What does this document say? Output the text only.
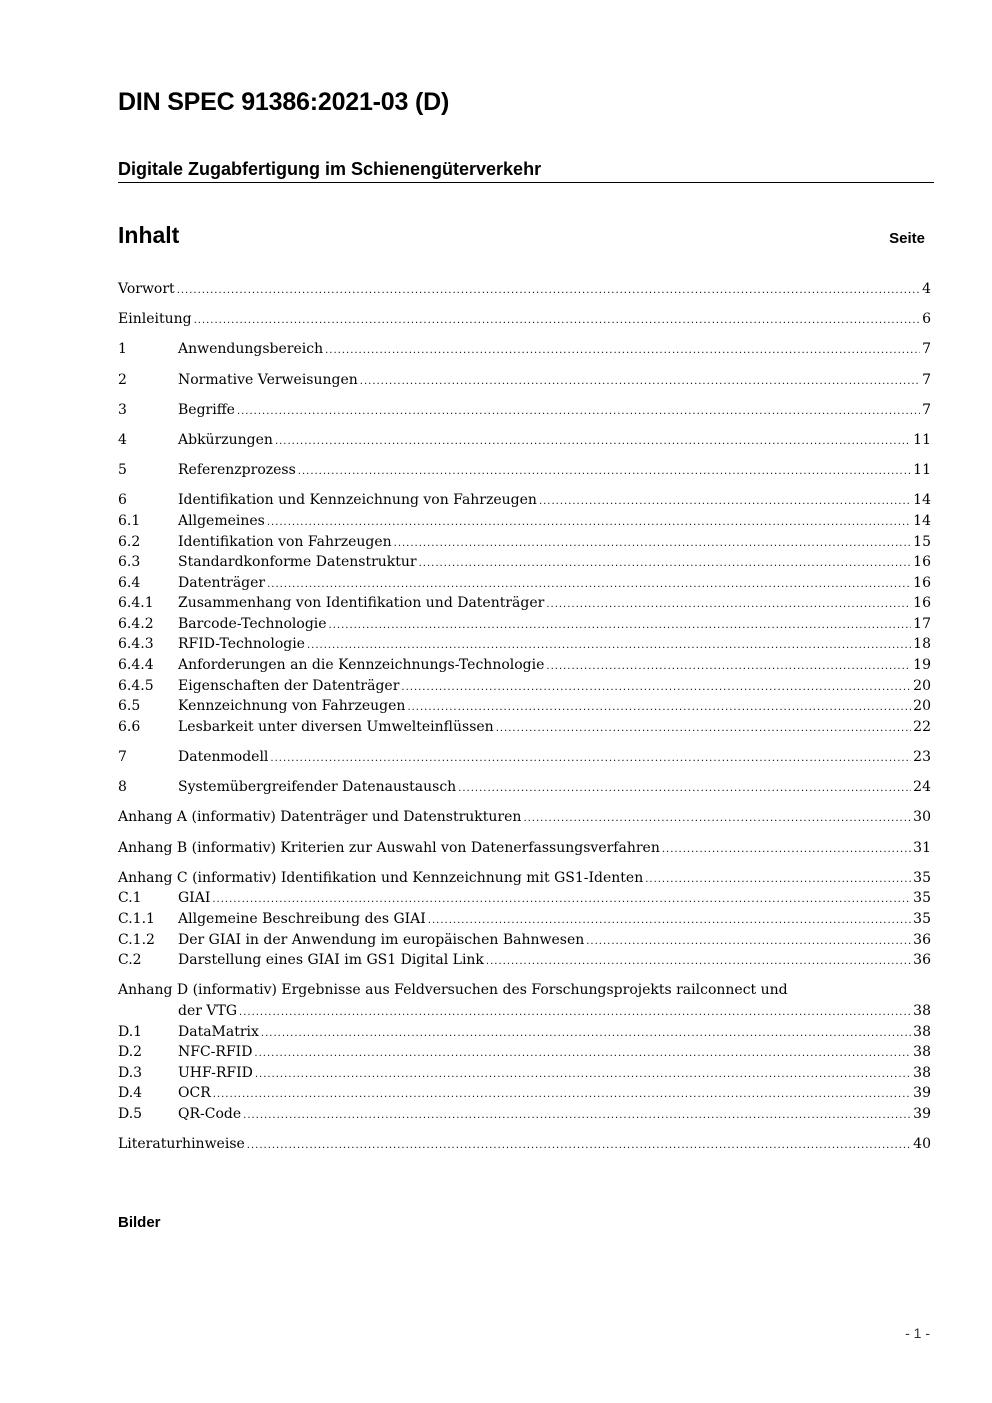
DIN SPEC 91386:2021-03 (D)
Digitale Zugabfertigung im Schienengüterverkehr
Inhalt	Seite
Vorwort .....	4
Einleitung .....	6
1	Anwendungsbereich .....	7
2	Normative Verweisungen .....	7
3	Begriffe .....	7
4	Abkürzungen .....	11
5	Referenzprozess .....	11
6	Identifikation und Kennzeichnung von Fahrzeugen .....	14
6.1	Allgemeines .....	14
6.2	Identifikation von Fahrzeugen .....	15
6.3	Standardkonforme Datenstruktur .....	16
6.4	Datenträger .....	16
6.4.1	Zusammenhang von Identifikation und Datenträger .....	16
6.4.2	Barcode-Technologie .....	17
6.4.3	RFID-Technologie .....	18
6.4.4	Anforderungen an die Kennzeichnungs-Technologie .....	19
6.4.5	Eigenschaften der Datenträger .....	20
6.5	Kennzeichnung von Fahrzeugen .....	20
6.6	Lesbarkeit unter diversen Umwelteinflüssen .....	22
7	Datenmodell .....	23
8	Systemübergreifender Datenaustausch .....	24
Anhang A (informativ) Datenträger und Datenstrukturen .....	30
Anhang B (informativ) Kriterien zur Auswahl von Datenerfassungsverfahren .....	31
Anhang C (informativ) Identifikation und Kennzeichnung mit GS1-Identen .....	35
C.1	GIAI .....	35
C.1.1	Allgemeine Beschreibung des GIAI .....	35
C.1.2	Der GIAI in der Anwendung im europäischen Bahnwesen .....	36
C.2	Darstellung eines GIAI im GS1 Digital Link .....	36
Anhang D (informativ) Ergebnisse aus Feldversuchen des Forschungsprojekts railconnect und
der VTG .....	38
D.1	DataMatrix .....	38
D.2	NFC-RFID .....	38
D.3	UHF-RFID .....	38
D.4	OCR .....	39
D.5	QR-Code .....	39
Literaturhinweise .....	40
Bilder
- 1 -
